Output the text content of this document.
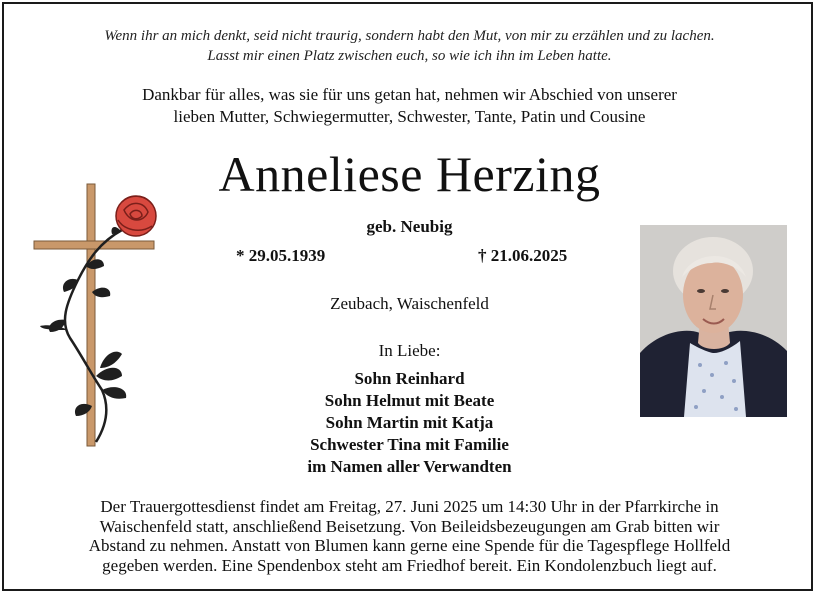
Wenn ihr an mich denkt, seid nicht traurig, sondern habt den Mut, von mir zu erzählen und zu lachen.
Lasst mir einen Platz zwischen euch, so wie ich ihn im Leben hatte.
Dankbar für alles, was sie für uns getan hat, nehmen wir Abschied von unserer
lieben Mutter, Schwiegermutter, Schwester, Tante, Patin und Cousine
Anneliese Herzing
geb. Neubig
* 29.05.1939	† 21.06.2025
Zeubach, Waischenfeld
In Liebe:
Sohn Reinhard
Sohn Helmut mit Beate
Sohn Martin mit Katja
Schwester Tina mit Familie
im Namen aller Verwandten
Der Trauergottesdienst findet am Freitag, 27. Juni 2025 um 14:30 Uhr in der Pfarrkirche in
Waischenfeld statt, anschließend Beisetzung. Von Beileidsbezeugungen am Grab bitten wir
Abstand zu nehmen. Anstatt von Blumen kann gerne eine Spende für die Tagespflege Hollfeld
gegeben werden. Eine Spendenbox steht am Friedhof bereit. Ein Kondolenzbuch liegt auf.
